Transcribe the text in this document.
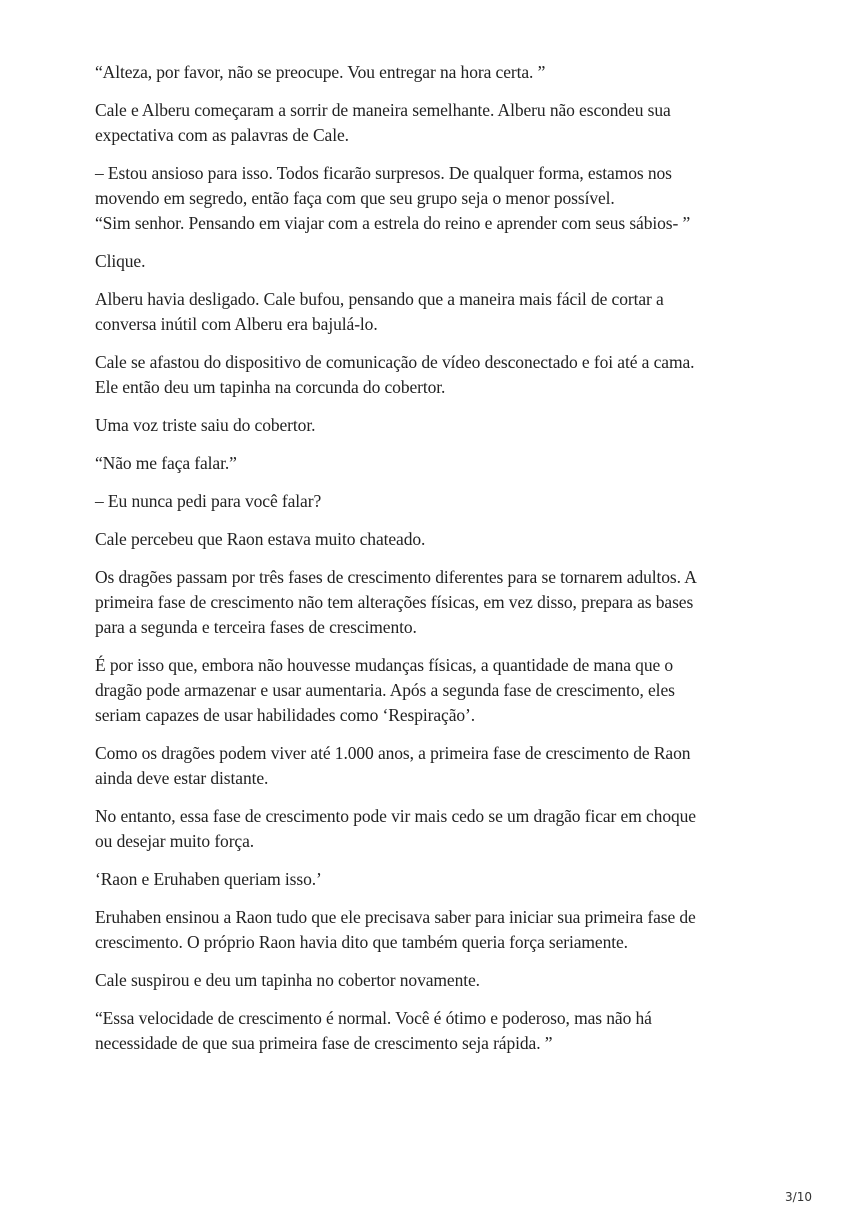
“Alteza, por favor, não se preocupe. Vou entregar na hora certa. ”

Cale e Alberu começaram a sorrir de maneira semelhante. Alberu não escondeu sua
expectativa com as palavras de Cale.

– Estou ansioso para isso. Todos ficarão surpresos. De qualquer forma, estamos nos
movendo em segredo, então faça com que seu grupo seja o menor possível.
“Sim senhor. Pensando em viajar com a estrela do reino e aprender com seus sábios- ”

Clique.

Alberu havia desligado. Cale bufou, pensando que a maneira mais fácil de cortar a
conversa inútil com Alberu era bajulá-lo.

Cale se afastou do dispositivo de comunicação de vídeo desconectado e foi até a cama.
Ele então deu um tapinha na corcunda do cobertor.

Uma voz triste saiu do cobertor.

“Não me faça falar.”

– Eu nunca pedi para você falar?

Cale percebeu que Raon estava muito chateado.

Os dragões passam por três fases de crescimento diferentes para se tornarem adultos. A
primeira fase de crescimento não tem alterações físicas, em vez disso, prepara as bases
para a segunda e terceira fases de crescimento.

É por isso que, embora não houvesse mudanças físicas, a quantidade de mana que o
dragão pode armazenar e usar aumentaria. Após a segunda fase de crescimento, eles
seriam capazes de usar habilidades como ‘Respiração’.

Como os dragões podem viver até 1.000 anos, a primeira fase de crescimento de Raon
ainda deve estar distante.

No entanto, essa fase de crescimento pode vir mais cedo se um dragão ficar em choque
ou desejar muito força.

‘Raon e Eruhaben queriam isso.’

Eruhaben ensinou a Raon tudo que ele precisava saber para iniciar sua primeira fase de
crescimento. O próprio Raon havia dito que também queria força seriamente.

Cale suspirou e deu um tapinha no cobertor novamente.

“Essa velocidade de crescimento é normal. Você é ótimo e poderoso, mas não há
necessidade de que sua primeira fase de crescimento seja rápida. ”

3/10
